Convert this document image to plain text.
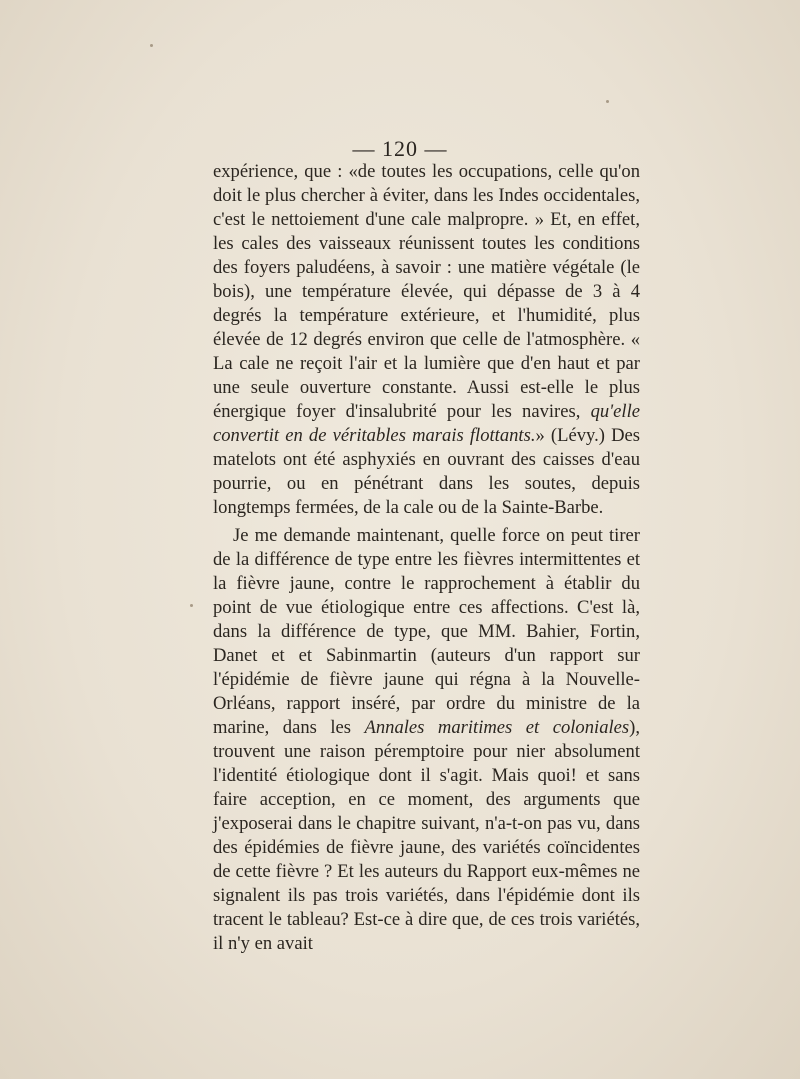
— 120 —

expérience, que : «de toutes les occupations, celle qu'on doit le plus chercher à éviter, dans les Indes occidentales, c'est le nettoiement d'une cale malpropre. » Et, en effet, les cales des vaisseaux réunissent toutes les conditions des foyers paludéens, à savoir : une matière végétale (le bois), une température élevée, qui dépasse de 3 à 4 degrés la température extérieure, et l'humidité, plus élevée de 12 degrés environ que celle de l'atmosphère. « La cale ne reçoit l'air et la lumière que d'en haut et par une seule ouverture constante. Aussi est-elle le plus énergique foyer d'insalubrité pour les navires, qu'elle convertit en de véritables marais flottants.» (Lévy.) Des matelots ont été asphyxiés en ouvrant des caisses d'eau pourrie, ou en pénétrant dans les soutes, depuis longtemps fermées, de la cale ou de la Sainte-Barbe.

Je me demande maintenant, quelle force on peut tirer de la différence de type entre les fièvres intermittentes et la fièvre jaune, contre le rapprochement à établir du point de vue étiologique entre ces affections. C'est là, dans la différence de type, que MM. Bahier, Fortin, Danet et et Sabinmartin (auteurs d'un rapport sur l'épidémie de fièvre jaune qui régna à la Nouvelle-Orléans, rapport inséré, par ordre du ministre de la marine, dans les Annales maritimes et coloniales), trouvent une raison péremptoire pour nier absolument l'identité étiologique dont il s'agit. Mais quoi! et sans faire acception, en ce moment, des arguments que j'exposerai dans le chapitre suivant, n'a-t-on pas vu, dans des épidémies de fièvre jaune, des variétés coïncidentes de cette fièvre ? Et les auteurs du Rapport eux-mêmes ne signalent ils pas trois variétés, dans l'épidémie dont ils tracent le tableau? Est-ce à dire que, de ces trois variétés, il n'y en avait
